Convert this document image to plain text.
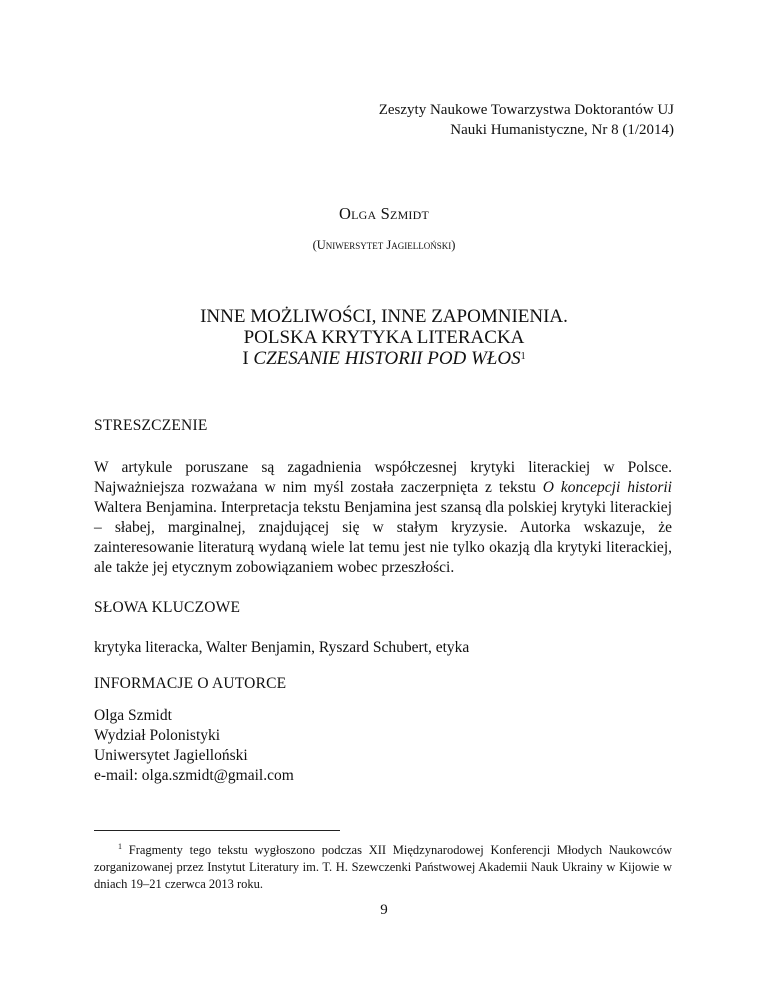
Zeszyty Naukowe Towarzystwa Doktorantów UJ
Nauki Humanistyczne, Nr 8 (1/2014)
Olga Szmidt
(Uniwersytet Jagielloński)
INNE MOŻLIWOŚCI, INNE ZAPOMNIENIA.
POLSKA KRYTYKA LITERACKA
I CZESANIE HISTORII POD WŁOS$^1$
STRESZCZENIE
W artykule poruszane są zagadnienia współczesnej krytyki literackiej w Polsce. Najważniejsza rozważana w nim myśl została zaczerpnięta z tekstu O koncepcji historii Waltera Benjamina. Interpretacja tekstu Benjamina jest szansą dla polskiej krytyki literackiej – słabej, marginalnej, znajdującej się w stałym kryzysie. Autorka wskazuje, że zainteresowanie literaturą wydaną wiele lat temu jest nie tylko okazją dla krytyki literackiej, ale także jej etycznym zobowiązaniem wobec przeszłości.
SŁOWA KLUCZOWE
krytyka literacka, Walter Benjamin, Ryszard Schubert, etyka
INFORMACJE O AUTORCE
Olga Szmidt
Wydział Polonistyki
Uniwersytet Jagielloński
e-mail: olga.szmidt@gmail.com
$^1$ Fragmenty tego tekstu wygłoszono podczas XII Międzynarodowej Konferencji Młodych Naukowców zorganizowanej przez Instytut Literatury im. T. H. Szewczenki Państwowej Akademii Nauk Ukrainy w Kijowie w dniach 19–21 czerwca 2013 roku.
9
